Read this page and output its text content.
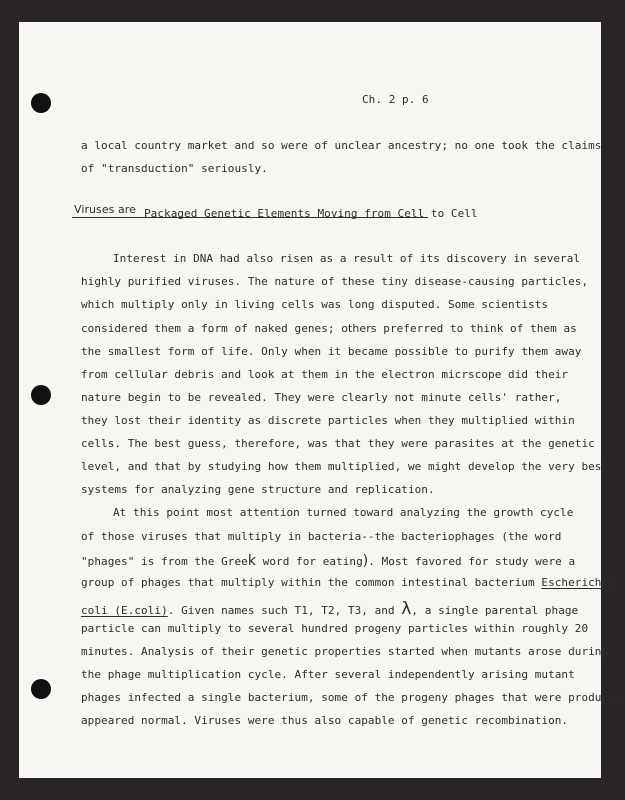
Ch. 2 p. 6
a local country market and so were of unclear ancestry; no one took the claims
of "transduction" seriously.
Viruses are Packaged Genetic Elements Moving from Cell to Cell
Interest in DNA had also risen as a result of its discovery in several
highly purified viruses. The nature of these tiny disease-causing particles,
which multiply only in living cells was long disputed. Some scientists
considered them a form of naked genes; others preferred to think of them as
the smallest form of life. Only when it became possible to purify them away
from cellular debris and look at them in the electron micrscope did their
nature begin to be revealed. They were clearly not minute cells' rather,
they lost their identity as discrete particles when they multiplied within
cells. The best guess, therefore, was that they were parasites at the genetic
level, and that by studying how them multiplied, we might develop the very best
systems for analyzing gene structure and replication.
At this point most attention turned toward analyzing the growth cycle
of those viruses that multiply in bacteria--the bacteriophages (the word
"phages" is from the Greek word for eating). Most favored for study were a
group of phages that multiply within the common intestinal bacterium Escherichia
coli (E.coli). Given names such T1, T2, T3, and λ, a single parental phage
particle can multiply to several hundred progeny particles within roughly 20
minutes. Analysis of their genetic properties started when mutants arose during
the phage multiplication cycle. After several independently arising mutant
phages infected a single bacterium, some of the progeny phages that were produced
appeared normal. Viruses were thus also capable of genetic recombination.
